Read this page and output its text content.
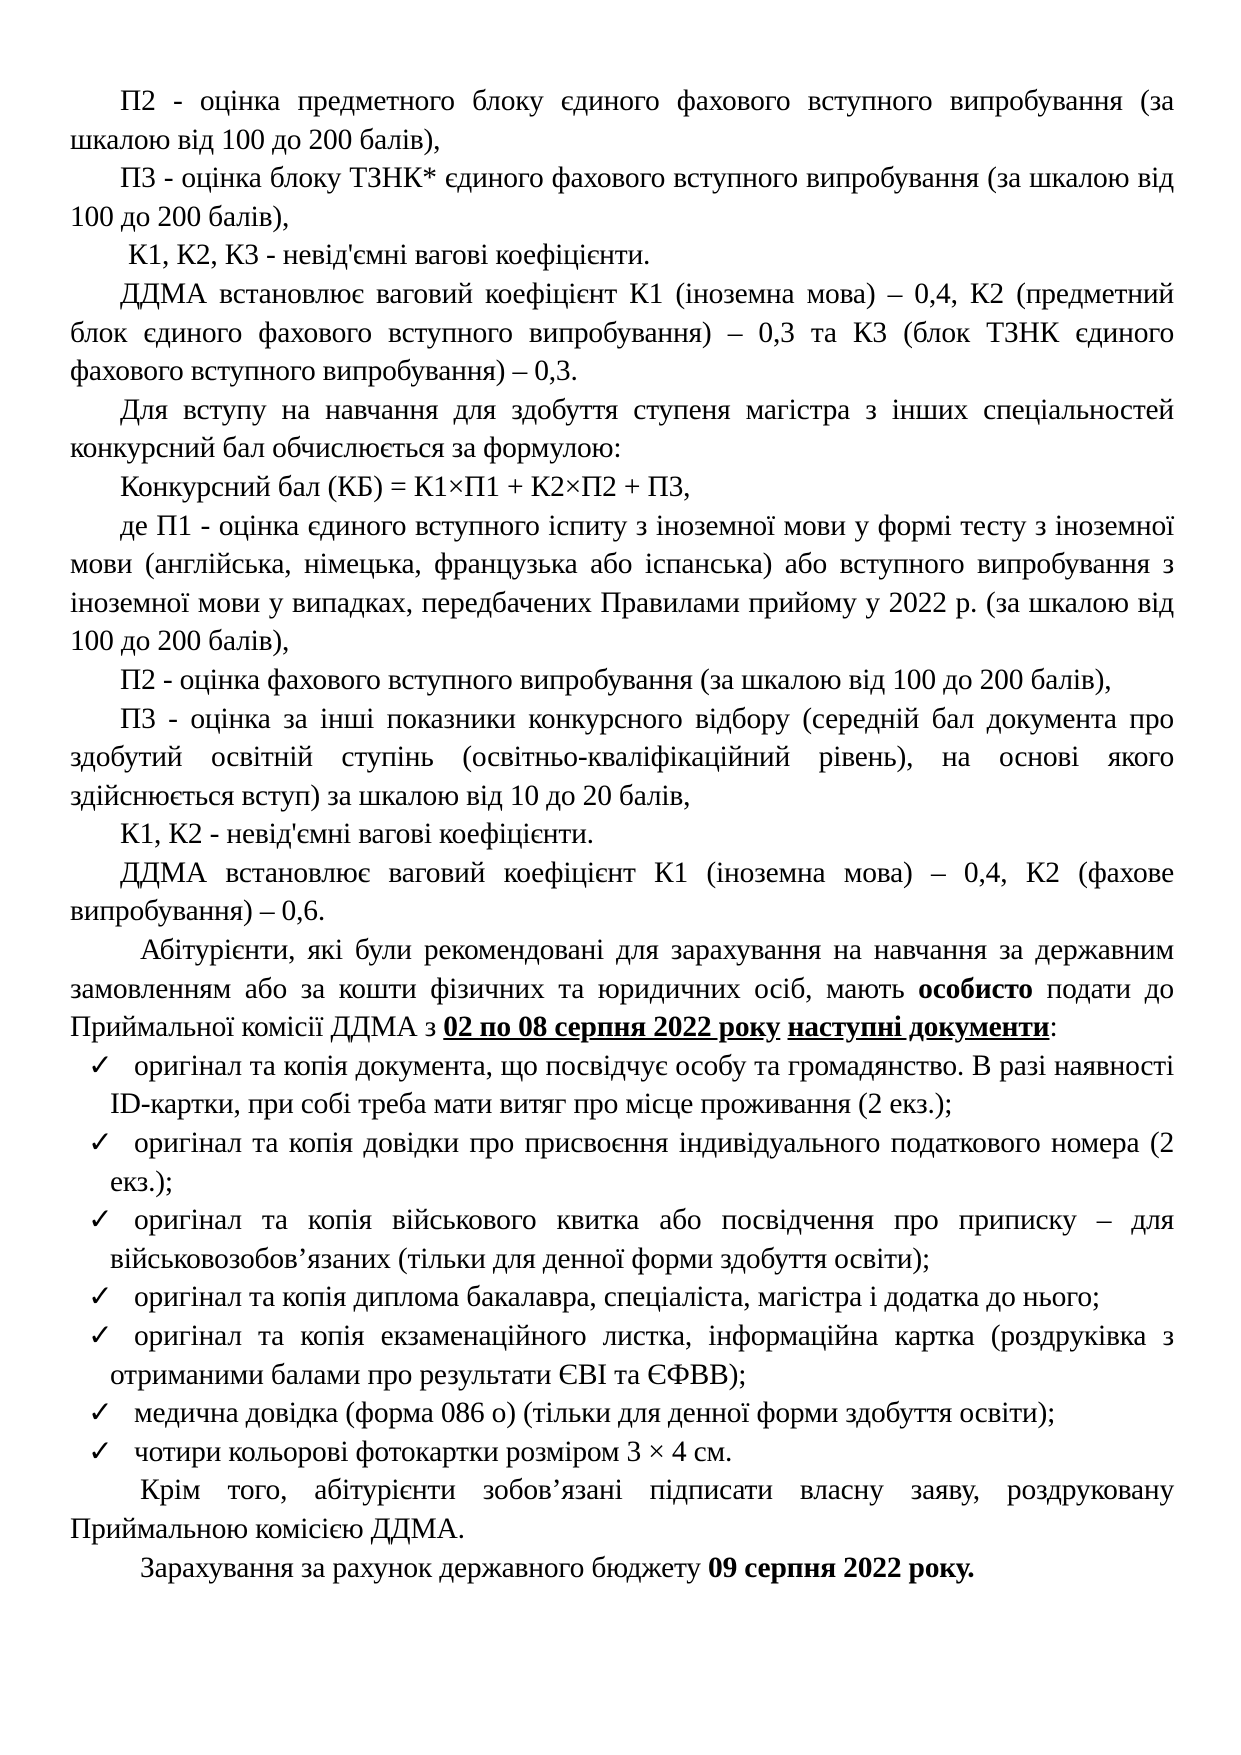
П2 - оцінка предметного блоку єдиного фахового вступного випробування (за шкалою від 100 до 200 балів),

П3 - оцінка блоку ТЗНК* єдиного фахового вступного випробування (за шкалою від 100 до 200 балів),

К1, К2, К3 - невід'ємні вагові коефіцієнти.

ДДМА встановлює ваговий коефіцієнт К1 (іноземна мова) – 0,4, К2 (предметний блок єдиного фахового вступного випробування) – 0,3 та К3 (блок ТЗНК єдиного фахового вступного випробування) – 0,3.

Для вступу на навчання для здобуття ступеня магістра з інших спеціальностей конкурсний бал обчислюється за формулою:

Конкурсний бал (КБ) = К1×П1 + К2×П2 + П3,

де П1 - оцінка єдиного вступного іспиту з іноземної мови у формі тесту з іноземної мови (англійська, німецька, французька або іспанська) або вступного випробування з іноземної мови у випадках, передбачених Правилами прийому у 2022 р. (за шкалою від 100 до 200 балів),

П2 - оцінка фахового вступного випробування (за шкалою від 100 до 200 балів),

П3 - оцінка за інші показники конкурсного відбору (середній бал документа про здобутий освітній ступінь (освітньо-кваліфікаційний рівень), на основі якого здійснюється вступ) за шкалою від 10 до 20 балів,

К1, К2 - невід'ємні вагові коефіцієнти.

ДДМА встановлює ваговий коефіцієнт К1 (іноземна мова) – 0,4, К2 (фахове випробування) – 0,6.

Абітурієнти, які були рекомендовані для зарахування на навчання за державним замовленням або за кошти фізичних та юридичних осіб, мають особисто подати до Приймальної комісії ДДМА з 02 по 08 серпня 2022 року наступні документи:

✓ оригінал та копія документа, що посвідчує особу та громадянство. В разі наявності ID-картки, при собі треба мати витяг про місце проживання (2 екз.);
✓ оригінал та копія довідки про присвоєння індивідуального податкового номера (2 екз.);
✓ оригінал та копія військового квитка або посвідчення про приписку – для військовозобов’язаних (тільки для денної форми здобуття освіти);
✓ оригінал та копія диплома бакалавра, спеціаліста, магістра і додатка до нього;
✓ оригінал та копія екзаменаційного листка, інформаційна картка (роздруківка з отриманими балами про результати ЄВІ та ЄФВВ);
✓ медична довідка (форма 086 о) (тільки для денної форми здобуття освіти);
✓ чотири кольорові фотокартки розміром 3 × 4 см.

Крім того, абітурієнти зобов’язані підписати власну заяву, роздруковану Приймальною комісією ДДМА.

Зарахування за рахунок державного бюджету 09 серпня 2022 року.
